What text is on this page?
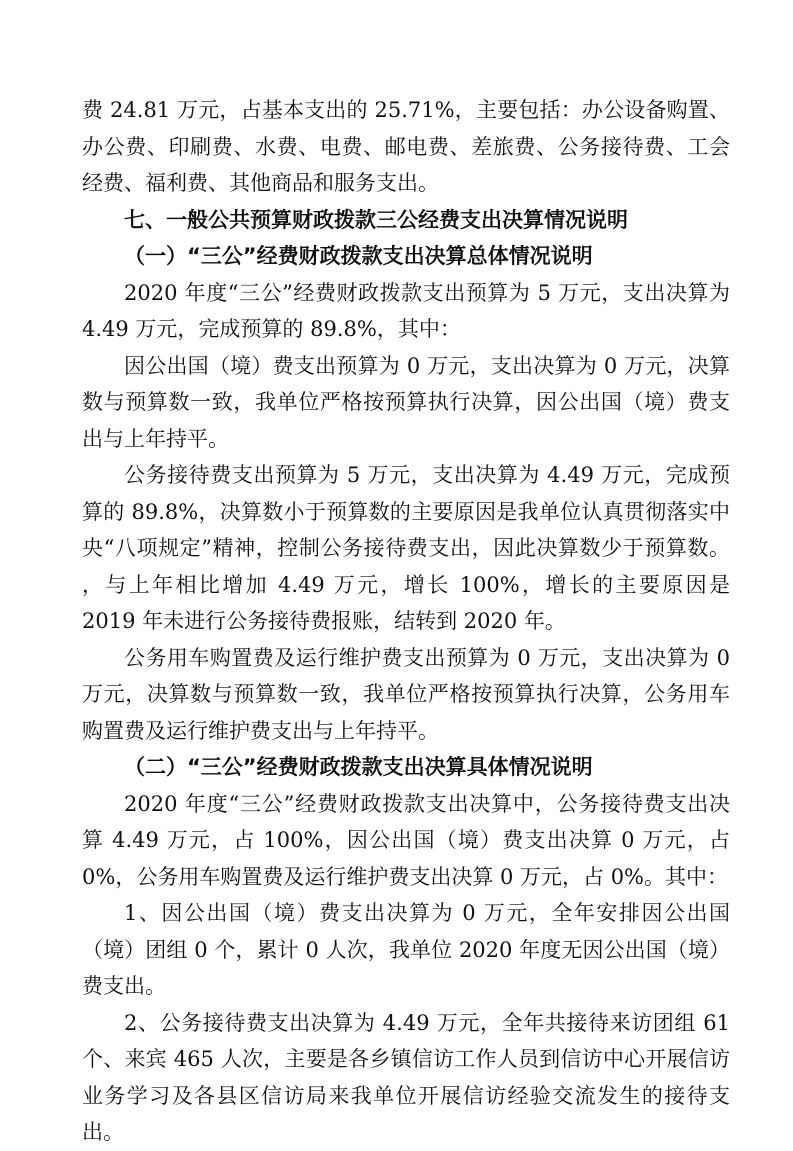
费 24.81 万元，占基本支出的 25.71%，主要包括：办公设备购置、办公费、印刷费、水费、电费、邮电费、差旅费、公务接待费、工会经费、福利费、其他商品和服务支出。

七、一般公共预算财政拨款三公经费支出决算情况说明
（一）“三公”经费财政拨款支出决算总体情况说明

2020 年度“三公”经费财政拨款支出预算为 5 万元，支出决算为 4.49 万元，完成预算的 89.8%，其中：

因公出国（境）费支出预算为 0 万元，支出决算为 0 万元，决算数与预算数一致，我单位严格按预算执行决算，因公出国（境）费支出与上年持平。

公务接待费支出预算为 5 万元，支出决算为 4.49 万元，完成预算的 89.8%，决算数小于预算数的主要原因是我单位认真贯彻落实中央“八项规定”精神，控制公务接待费支出，因此决算数少于预算数。 ，与上年相比增加 4.49 万元，增长 100%，增长的主要原因是 2019 年未进行公务接待费报账，结转到 2020 年。

公务用车购置费及运行维护费支出预算为 0 万元，支出决算为 0 万元，决算数与预算数一致，我单位严格按预算执行决算，公务用车购置费及运行维护费支出与上年持平。

（二）“三公”经费财政拨款支出决算具体情况说明

2020 年度“三公”经费财政拨款支出决算中，公务接待费支出决算 4.49 万元，占 100%，因公出国（境）费支出决算 0 万元，占 0%，公务用车购置费及运行维护费支出决算 0 万元，占 0%。其中：

1、因公出国（境）费支出决算为 0 万元，全年安排因公出国（境）团组 0 个，累计 0 人次，我单位 2020 年度无因公出国（境）费支出。

2、公务接待费支出决算为 4.49 万元，全年共接待来访团组 61 个、来宾 465 人次，主要是各乡镇信访工作人员到信访中心开展信访业务学习及各县区信访局来我单位开展信访经验交流发生的接待支出。
